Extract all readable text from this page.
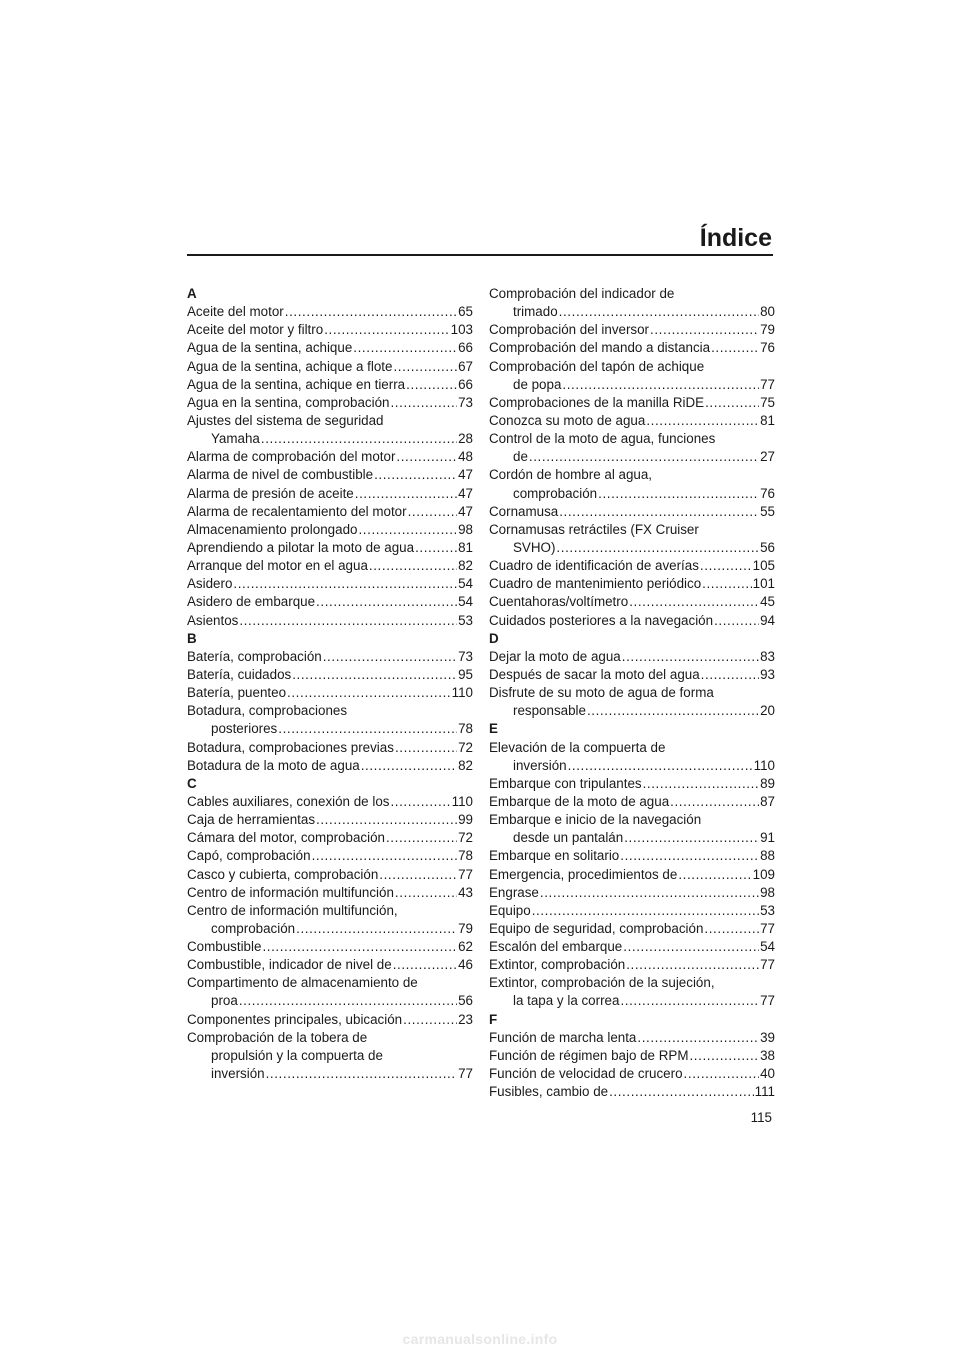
Índice
A
Aceite del motor .....	65
Aceite del motor y filtro .....	103
Agua de la sentina, achique .....	66
Agua de la sentina, achique a flote .....	67
Agua de la sentina, achique en tierra .....	66
Agua en la sentina, comprobación .....	73
Ajustes del sistema de seguridad
Yamaha .....	28
Alarma de comprobación del motor .....	48
Alarma de nivel de combustible .....	47
Alarma de presión de aceite .....	47
Alarma de recalentamiento del motor .....	47
Almacenamiento prolongado .....	98
Aprendiendo a pilotar la moto de agua .....	81
Arranque del motor en el agua .....	82
Asidero .....	54
Asidero de embarque .....	54
Asientos .....	53
B
Batería, comprobación .....	73
Batería, cuidados .....	95
Batería, puenteo .....	110
Botadura, comprobaciones
posteriores .....	78
Botadura, comprobaciones previas .....	72
Botadura de la moto de agua .....	82
C
Cables auxiliares, conexión de los .....	110
Caja de herramientas .....	99
Cámara del motor, comprobación .....	72
Capó, comprobación .....	78
Casco y cubierta, comprobación .....	77
Centro de información multifunción .....	43
Centro de información multifunción,
comprobación .....	79
Combustible .....	62
Combustible, indicador de nivel de .....	46
Compartimento de almacenamiento de
proa .....	56
Componentes principales, ubicación .....	23
Comprobación de la tobera de
propulsión y la compuerta de
inversión .....	77
Comprobación del indicador de
trimado .....	80
Comprobación del inversor .....	79
Comprobación del mando a distancia .....	76
Comprobación del tapón de achique
de popa .....	77
Comprobaciones de la manilla RiDE .....	75
Conozca su moto de agua .....	81
Control de la moto de agua, funciones
de .....	27
Cordón de hombre al agua,
comprobación .....	76
Cornamusa .....	55
Cornamusas retráctiles (FX Cruiser
SVHO) .....	56
Cuadro de identificación de averías .....	105
Cuadro de mantenimiento periódico .....	101
Cuentahoras/voltímetro .....	45
Cuidados posteriores a la navegación .....	94
D
Dejar la moto de agua .....	83
Después de sacar la moto del agua .....	93
Disfrute de su moto de agua de forma
responsable .....	20
E
Elevación de la compuerta de
inversión .....	110
Embarque con tripulantes .....	89
Embarque de la moto de agua .....	87
Embarque e inicio de la navegación
desde un pantalán .....	91
Embarque en solitario .....	88
Emergencia, procedimientos de .....	109
Engrase .....	98
Equipo .....	53
Equipo de seguridad, comprobación .....	77
Escalón del embarque .....	54
Extintor, comprobación .....	77
Extintor, comprobación de la sujeción,
la tapa y la correa .....	77
F
Función de marcha lenta .....	39
Función de régimen bajo de RPM .....	38
Función de velocidad de crucero .....	40
Fusibles, cambio de .....	111
115
carmanualsonline.info
